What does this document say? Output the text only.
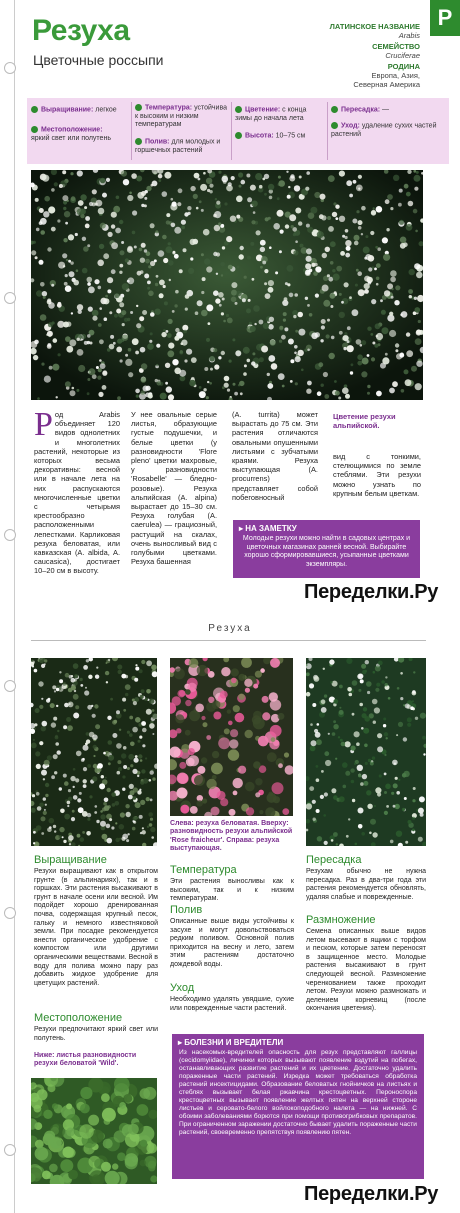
Резуха
Цветочные россыпи
Р
ЛАТИНСКОЕ НАЗВАНИЕ
Arabis
СЕМЕЙСТВО
Cruciferae
РОДИНА
Европа, Азия,
Северная Америка
Выращивание: легкое
Местоположение:
яркий свет или полутень
Температура: устойчива к высоким и низким температурам
Полив: для молодых и горшечных растений
Цветение: с конца зимы до начала лета
Высота: 10–75 см
Пересадка: —
Уход: удаление сухих частей растений
Род Arabis объединяет 120 видов однолетних и многолетних растений, некоторые из которых весьма декоративны: весной или в начале лета на них распускаются многочисленные цветки с четырьмя крестообразно расположенными лепестками. Карликовая резуха беловатая, или кавказская (A. albida, A. caucasica), достигает 10–20 см в высоту.
У нее овальные серые листья, образующие густые подушечки, и белые цветки (у разновидности 'Flore pleno' цветки махровые, у разновидности 'Rosabelle' — бледно-розовые). Резуха альпийская (A. alpina) вырастает до 15–30 см. Резуха голубая (A. caerulea) — грациозный, растущий на скалах, очень выносливый вид с голубыми цветками. Резуха башенная
(A. turrita) может вырастать до 75 см. Эти растения отличаются овальными опушенными листьями с зубчатыми краями. Резуха выступающая (A. procurrens) представляет собой побеговносный
Цветение резухи альпийской.
вид с тонкими, стелющимися по земле стеблями. Эти резухи можно узнать по крупным белым цветкам.
▸ НА ЗАМЕТКУ
Молодые резухи можно найти в садовых центрах и цветочных магазинах ранней весной. Выбирайте хорошо сформировавшиеся, усыпанные цветками экземпляры.
Переделки.Ру
Резуха
Слева: резуха беловатая. Вверху: разновидность резухи альпийской 'Rose fraicheur'. Справа: резуха выступающая.
Выращивание
Резухи выращивают как в открытом грунте (в альпинариях), так и в горшках. Эти растения высаживают в грунт в начале осени или весной. Им подойдет хорошо дренированная почва, содержащая крупный песок, гальку и немного известняковой земли. При посадке рекомендуется внести органическое удобрение с компостом или другими органическими веществами. Весной в воду для полива можно пару раз добавить жидкое удобрение для цветущих растений.
Местоположение
Резухи предпочитают яркий свет или полутень.
Ниже: листья разновидности резухи беловатой 'Wild'.
Температура
Эти растения выносливы как к высоким, так и к низким температурам.
Полив
Описанные выше виды устойчивы к засухе и могут довольствоваться редким поливом. Основной полив приходится на весну и лето, затем этим растениям достаточно дождевой воды.
Уход
Необходимо удалять увядшие, сухие или поврежденные части растений.
Пересадка
Резухам обычно не нужна пересадка. Раз в два-три года эти растения рекомендуется обновлять, удаляя слабые и поврежденные.
Размножение
Семена описанных выше видов летом высевают в ящики с торфом и песком, которые затем переносят в защищенное место. Молодые растения высаживают в грунт следующей весной. Размножение черенкованием также проходит летом. Резухи можно размножать и делением корневищ (после окончания цветения).
▸ БОЛЕЗНИ И ВРЕДИТЕЛИ
Из насекомых-вредителей опасность для резух представляют галлицы (cecidomyiidae), личинки которых вызывают появление вздутий на побегах, останавливающих развитие растений и их цветение. Достаточно удалить пораженные части растений. Изредка может требоваться обработка растений инсектицидами. Образование беловатых гнойничков на листьях и стеблях вызывает белая ржавчина крестоцветных. Пероноспора крестоцветных вызывает появление желтых пятен на верхней стороне листьев и серовато-белого войлокоподобного налета — на нижней. С обоими заболеваниями борются при помощи противогрибковых препаратов. При ограниченном заражении достаточно бывает удалить пораженные части растений, своевременно препятствуя появлению пятен.
Переделки.Ру
